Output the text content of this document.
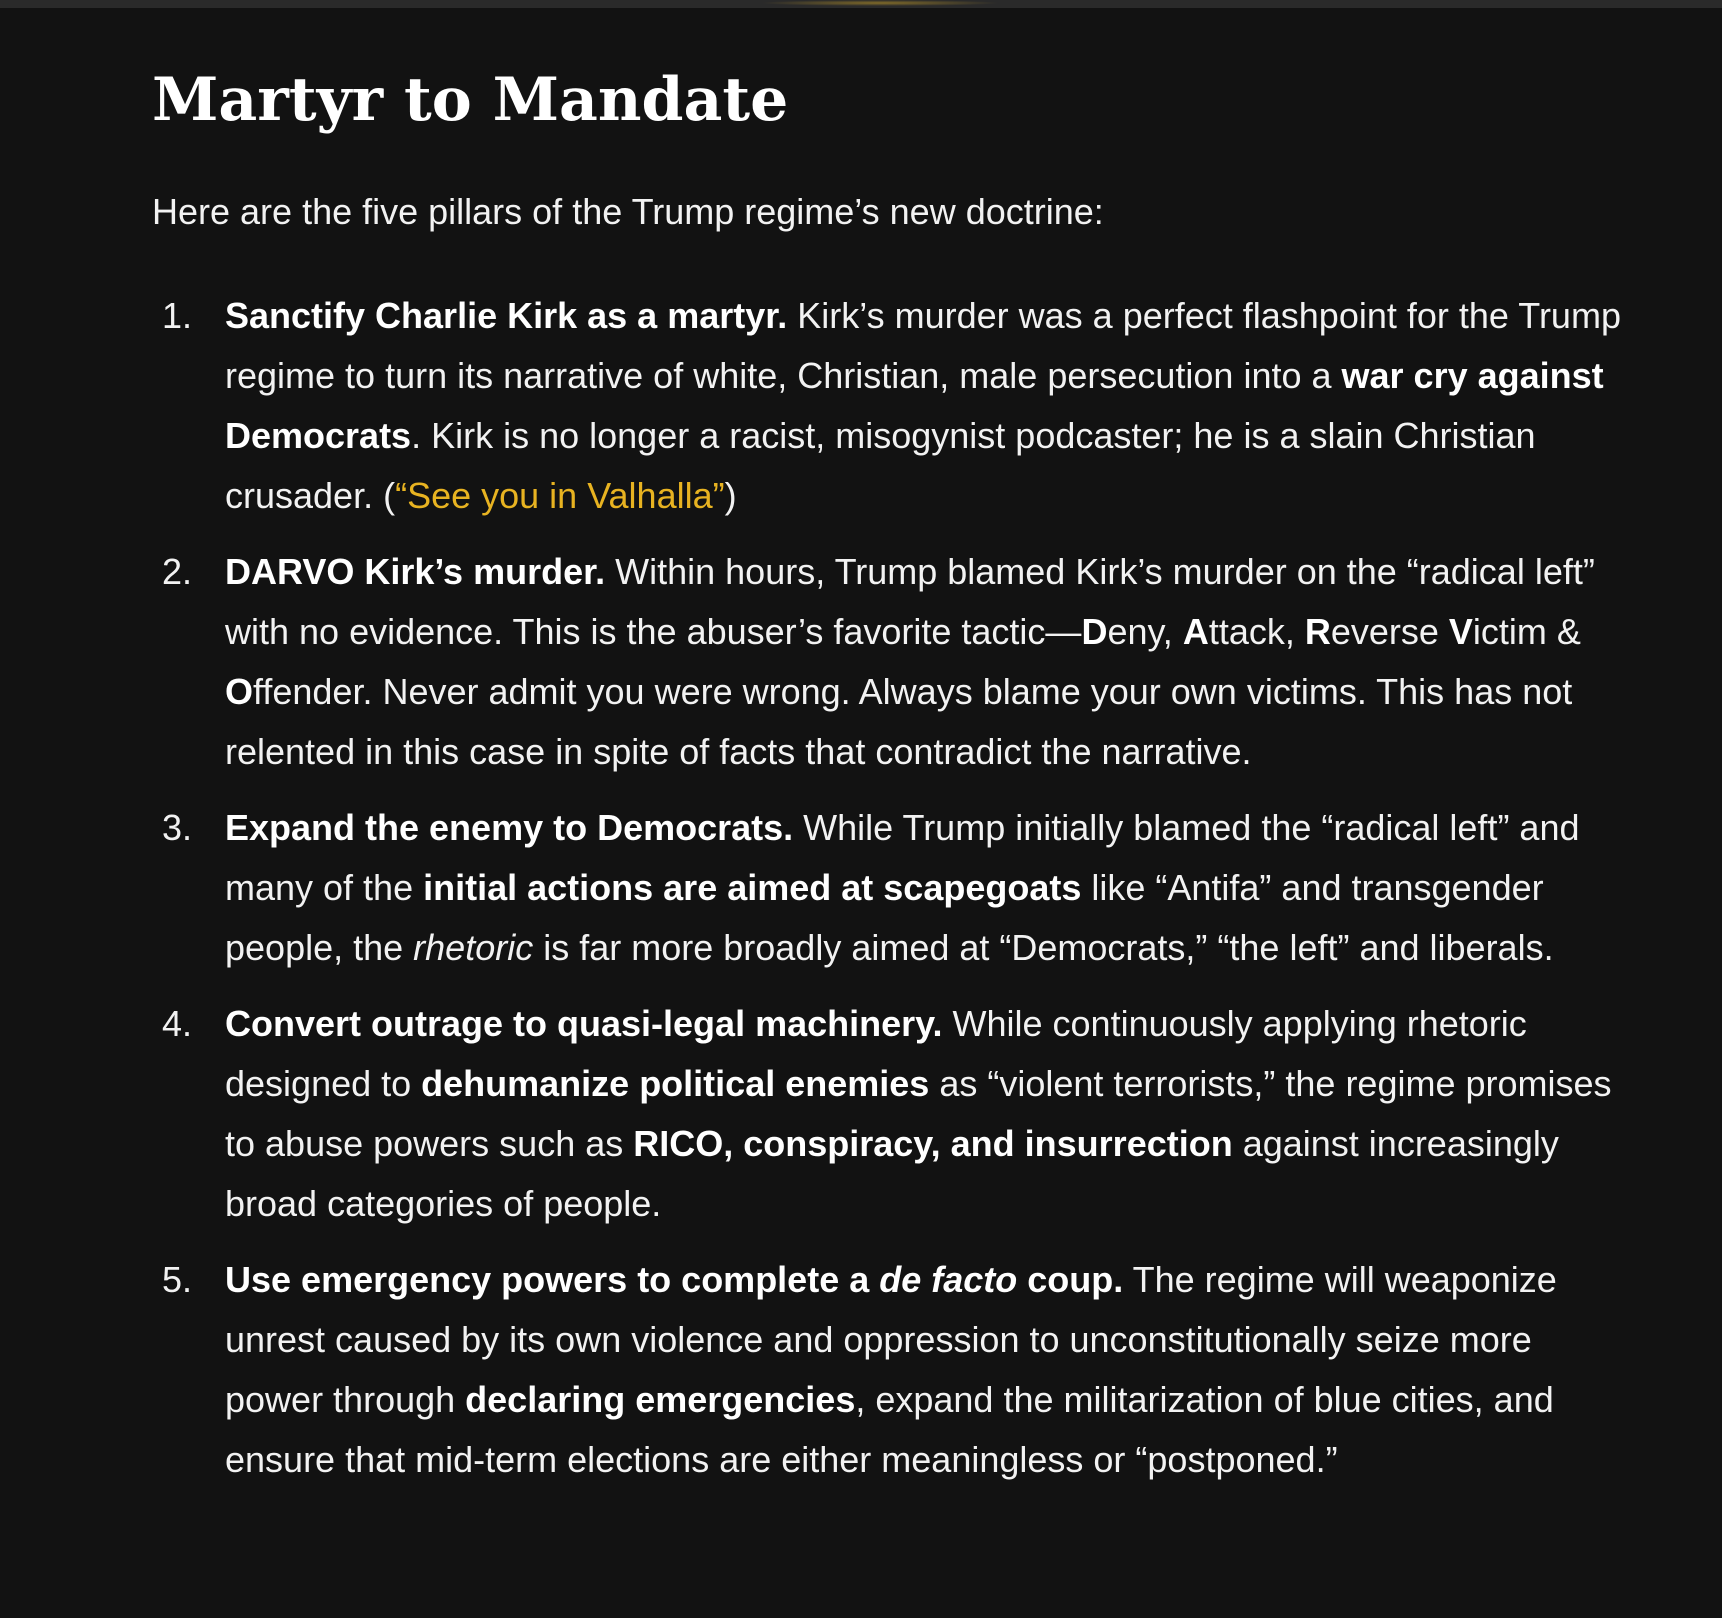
Martyr to Mandate

Here are the five pillars of the Trump regime’s new doctrine:

1. Sanctify Charlie Kirk as a martyr. Kirk’s murder was a perfect flashpoint for the Trump regime to turn its narrative of white, Christian, male persecution into a war cry against Democrats. Kirk is no longer a racist, misogynist podcaster; he is a slain Christian crusader. (“See you in Valhalla”)
2. DARVO Kirk’s murder. Within hours, Trump blamed Kirk’s murder on the “radical left” with no evidence. This is the abuser’s favorite tactic—Deny, Attack, Reverse Victim & Offender. Never admit you were wrong. Always blame your own victims. This has not relented in this case in spite of facts that contradict the narrative.
3. Expand the enemy to Democrats. While Trump initially blamed the “radical left” and many of the initial actions are aimed at scapegoats like “Antifa” and transgender people, the rhetoric is far more broadly aimed at “Democrats,” “the left” and liberals.
4. Convert outrage to quasi-legal machinery. While continuously applying rhetoric designed to dehumanize political enemies as “violent terrorists,” the regime promises to abuse powers such as RICO, conspiracy, and insurrection against increasingly broad categories of people.
5. Use emergency powers to complete a de facto coup. The regime will weaponize unrest caused by its own violence and oppression to unconstitutionally seize more power through declaring emergencies, expand the militarization of blue cities, and ensure that mid-term elections are either meaningless or “postponed.”
